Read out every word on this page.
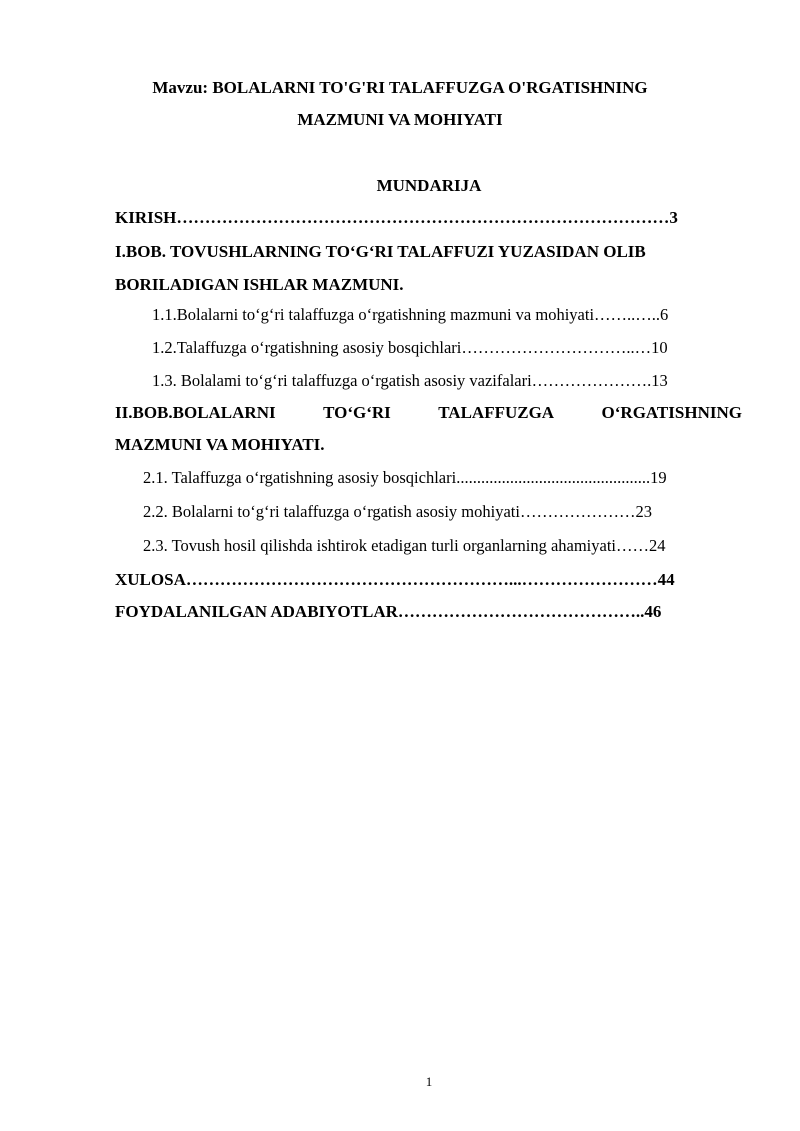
Mavzu: BOLALARNI TO'G'RI TALAFFUZGA O'RGATISHNING
MAZMUNI VA MOHIYATI
MUNDARIJA
KIRISH……………………………………………………………………………3
I.BOB. TOVUSHLARNING TO‘G‘RI TALAFFUZI YUZASIDAN OLIB
BORILADIGAN ISHLAR MAZMUNI.
1.1.Bolalarni to‘g‘ri talaffuzga o‘rgatishning mazmuni va mohiyati……..…..6
1.2.Talaffuzga o‘rgatishning asosiy bosqichlari…………………………..…10
1.3. Bolalami to‘g‘ri talaffuzga o‘rgatish asosiy vazifalari………………….13
II.BOB.BOLALARNI	TO‘G‘RI	TALAFFUZGA	O‘RGATISHNING
MAZMUNI VA MOHIYATI.
2.1. Talaffuzga o‘rgatishning asosiy bosqichlari...............................................19
2.2. Bolalarni to‘g‘ri talaffuzga o‘rgatish asosiy mohiyati…………………23
2.3. Tovush hosil qilishda ishtirok etadigan turli organlarning ahamiyati……24
XULOSA…………………………………………………...……………………44
FOYDALANILGAN ADABIYOTLAR……………………………………..46
1
